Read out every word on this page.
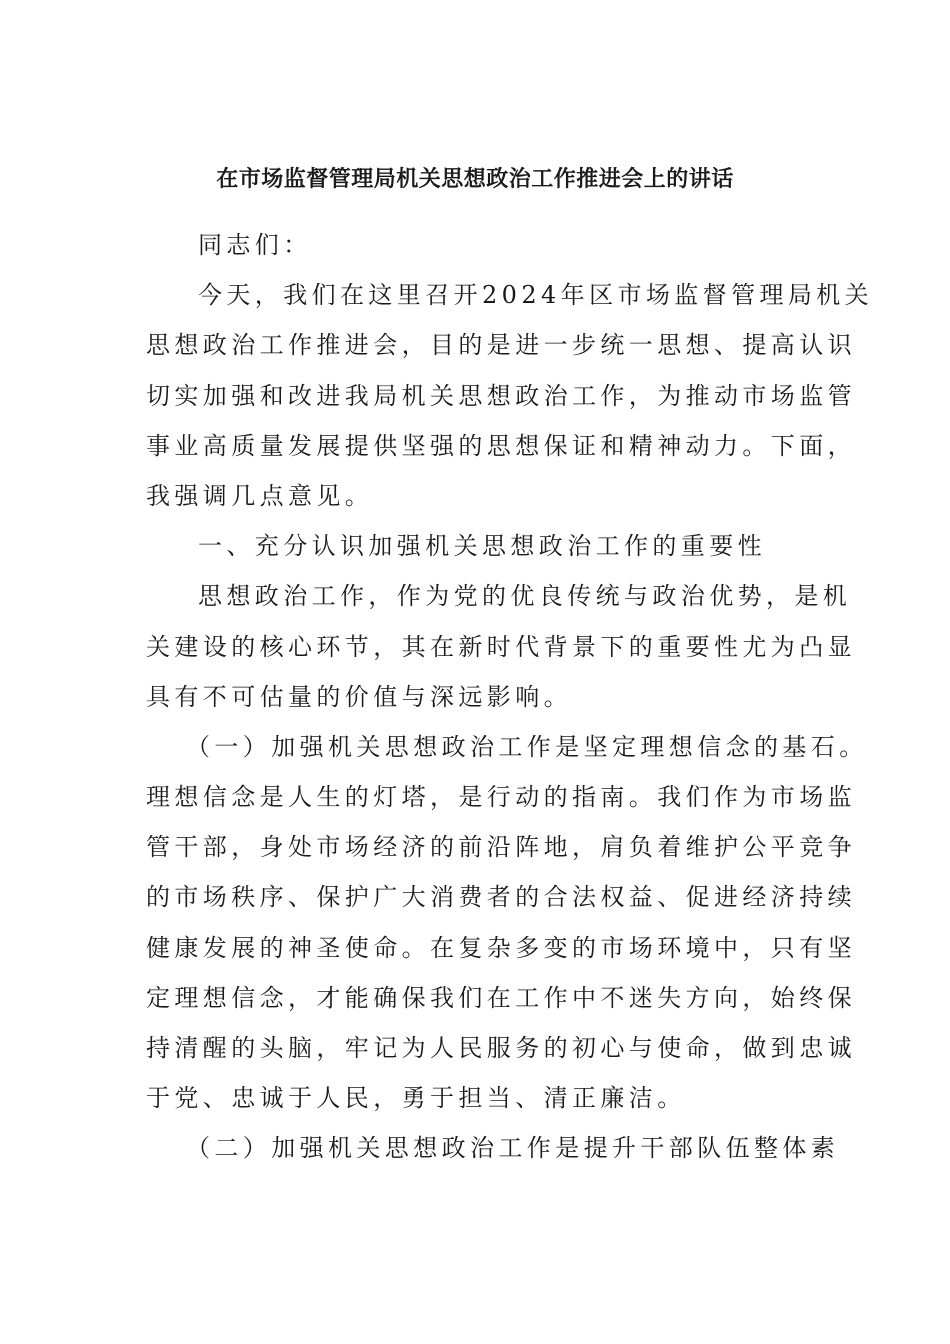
在市场监督管理局机关思想政治工作推进会上的讲话
同志们：
今天，我们在这里召开2024年区市场监督管理局机关
思想政治工作推进会，目的是进一步统一思想、提高认识
切实加强和改进我局机关思想政治工作，为推动市场监管
事业高质量发展提供坚强的思想保证和精神动力。下面，
我强调几点意见。
一、充分认识加强机关思想政治工作的重要性
思想政治工作，作为党的优良传统与政治优势，是机
关建设的核心环节，其在新时代背景下的重要性尤为凸显
具有不可估量的价值与深远影响。
（一）加强机关思想政治工作是坚定理想信念的基石。
理想信念是人生的灯塔，是行动的指南。我们作为市场监
管干部，身处市场经济的前沿阵地，肩负着维护公平竞争
的市场秩序、保护广大消费者的合法权益、促进经济持续
健康发展的神圣使命。在复杂多变的市场环境中，只有坚
定理想信念，才能确保我们在工作中不迷失方向，始终保
持清醒的头脑，牢记为人民服务的初心与使命，做到忠诚
于党、忠诚于人民，勇于担当、清正廉洁。
（二）加强机关思想政治工作是提升干部队伍整体素
